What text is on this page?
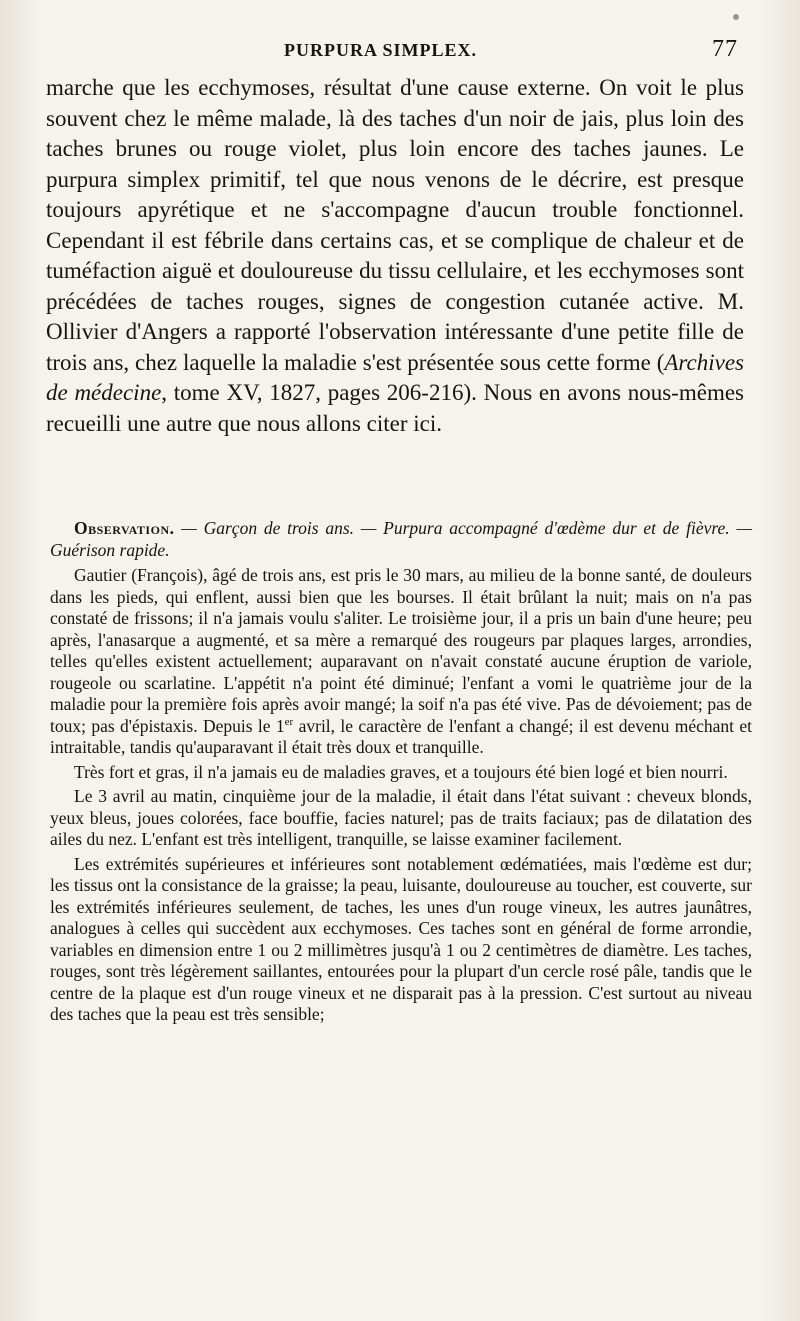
PURPURA SIMPLEX.	77

marche que les ecchymoses, résultat d'une cause externe. On voit le plus souvent chez le même malade, là des taches d'un noir de jais, plus loin des taches brunes ou rouge violet, plus loin encore des taches jaunes. Le purpura simplex primitif, tel que nous venons de le décrire, est presque toujours apyrétique et ne s'accompagne d'aucun trouble fonctionnel. Cependant il est fébrile dans certains cas, et se complique de chaleur et de tuméfaction aiguë et douloureuse du tissu cellulaire, et les ecchymoses sont précédées de taches rouges, signes de congestion cutanée active. M. Ollivier d'Angers a rapporté l'observation intéressante d'une petite fille de trois ans, chez laquelle la maladie s'est présentée sous cette forme (Archives de médecine, tome XV, 1827, pages 206-216). Nous en avons nous-mêmes recueilli une autre que nous allons citer ici.

Observation. — Garçon de trois ans. — Purpura accompagné d'œdème dur et de fièvre. — Guérison rapide.

Gautier (François), âgé de trois ans, est pris le 30 mars, au milieu de la bonne santé, de douleurs dans les pieds, qui enflent, aussi bien que les bourses. Il était brûlant la nuit; mais on n'a pas constaté de frissons; il n'a jamais voulu s'aliter. Le troisième jour, il a pris un bain d'une heure; peu après, l'anasarque a augmenté, et sa mère a remarqué des rougeurs par plaques larges, arrondies, telles qu'elles existent actuellement; auparavant on n'avait constaté aucune éruption de variole, rougeole ou scarlatine. L'appétit n'a point été diminué; l'enfant a vomi le quatrième jour de la maladie pour la première fois après avoir mangé; la soif n'a pas été vive. Pas de dévoiement; pas de toux; pas d'épistaxis. Depuis le 1er avril, le caractère de l'enfant a changé; il est devenu méchant et intraitable, tandis qu'auparavant il était très doux et tranquille.

Très fort et gras, il n'a jamais eu de maladies graves, et a toujours été bien logé et bien nourri.

Le 3 avril au matin, cinquième jour de la maladie, il était dans l'état suivant : cheveux blonds, yeux bleus, joues colorées, face bouffie, facies naturel; pas de traits faciaux; pas de dilatation des ailes du nez. L'enfant est très intelligent, tranquille, se laisse examiner facilement.

Les extrémités supérieures et inférieures sont notablement œdématiées, mais l'œdème est dur; les tissus ont la consistance de la graisse; la peau, luisante, douloureuse au toucher, est couverte, sur les extrémités inférieures seulement, de taches, les unes d'un rouge vineux, les autres jaunâtres, analogues à celles qui succèdent aux ecchymoses. Ces taches sont en général de forme arrondie, variables en dimension entre 1 ou 2 millimètres jusqu'à 1 ou 2 centimètres de diamètre. Les taches, rouges, sont très légèrement saillantes, entourées pour la plupart d'un cercle rosé pâle, tandis que le centre de la plaque est d'un rouge vineux et ne disparait pas à la pression. C'est surtout au niveau des taches que la peau est très sensible;
